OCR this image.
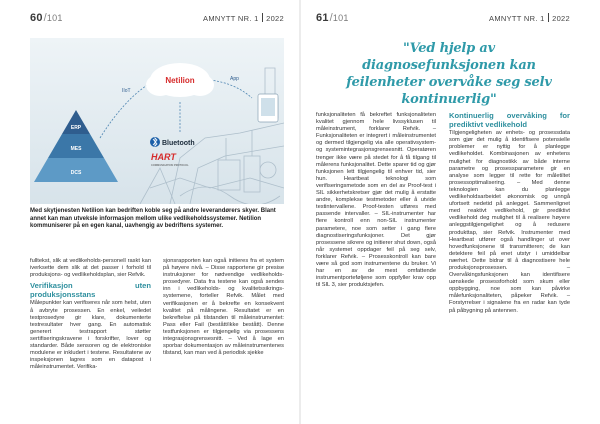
60/101	AMNYTT NR. 1 2022
ERP
MES
DCS
IIoT
App
Netilion
Bluetooth
HART
COMMUNICATION PROTOCOL
Med skytjenesten Netilion kan bedriften koble seg på andre leverandørers skyer. Blant annet kan man utveksle informasjon mellom ulike vedlikeholdssystemer. Netilion kommuniserer på en egen kanal, uavhengig av bedriftens systemer.

fulltekst, slik at vedlikeholds-personell raskt kan iverksette dem slik at det passer i forhold til produksjons- og vedlikeholdsplan, sier Refvik.

Verifikasjon uten produksjonsstans

Målepunkter kan verifiseres når som helst, uten å avbryte prosessen. En enkel, veiledet testprosedyre gir klare, dokumenterte testresultater hver gang. En automatisk generert testrapport støtter sertifiseringskravene i forskrifter, lover og standarder. Både sensoren og de elektroniske modulene er inkludert i testene. Resultatene av inspeksjonen lagres som en datapost i måleinstrumentet. Verifika-

sjonsrapporten kan også initieres fra et system på høyere nivå. – Disse rapportene gir presise instruksjoner for nødvendige vedlikeholds-prosedyrer. Data fra testene kan også sendes inn i vedlikeholds- og kvalitetssikrings-systemene, forteller Refvik. Målet med verifikasjonen er å bekrefte en konsekvent kvalitet på målingene. Resultatet er en bekreftelse på tilstanden til måleinstrumentet: Pass eller Fail (bestått/ikke bestått). Denne testfunksjonen er tilgjengelig via prosessens integrasjonsgrensesnitt. – Ved å lage en sporbar dokumentasjon av måleinstrumentenes tilstand, kan man ved å periodisk sjekke

61/101	AMNYTT NR. 1 2022
"Ved hjelp av diagnosefunksjonen kan feilenheter overvåke seg selv kontinuerlig"

funksjonaliteten få bekreftet funksjonaliteten kvalitet gjennom hele livssyklusen til måleinstrument, forklarer Refvik. – Funksjonaliteten er integrert i måleinstrumentet og dermed tilgjengelig via alle operativsystem- og systemintegrasjonsgrensesnitt. Operatøren trenger ikke være på stedet for å få tilgang til målerens funksjonalitet. Dette sparer tid og gjør funksjonen lett tilgjengelig til enhver tid, sier hun. Heartbeat teknologi som verifiseringsmetode som en del av Proof-test i SIL sikkerhetskretser gjør det mulig å erstatte andre, komplekse testmetoder eller å utvide testintervallene. Proof-testen utføres med passende intervaller. – SIL-instrumenter har flere kontroll enn non-SIL instrumenter parametere, noe som setter i gang flere diagnostiseringsfunksjoner. Det gjør prosessene sikrere og initierer shut down, også når systemet oppdager feil på seg selv, forklarer Refvik. – Prosesskontroll kan bare være så god som instrumentene du bruker. Vi har en av de mest omfattende instrumentporteføljene som oppfyller krav opp til SIL 3, sier produktsjefen.

Kontinuerlig overvåking for prediktivt vedlikehold

Tilgjengeligheten av enhets- og prosessdata som gjør det mulig å identifisere potensielle problemer er nyttig for å planlegge vedlikeholdet. Kombinasjonen av enhetens mulighet for diagnostikk av både interne parametre og prosessparametere gir en analyse som legger til rette for måletiltet prosessoptimalisering. – Med denne teknologien kan du planlegge vedlikeholdsarbeidet økonomisk og unngå ufortsett nedetid på anlegget. Sammenlignet med reaktivt vedlikehold, gir prediktivt vedlikehold deg mulighet til å realisere høyere anleggstilgjengelighet og å redusere produkttap, sier Refvik. Instrumenter med Heartbeat utfører også handlinger ut over hovedfunksjonene til transmitteren; de kan detektere feil på enet utstyr i umiddelbar nærhet. Dette bidrar til å diagnostisere hele produksjonsprosessen. – Overvåkingsfunksjonen kan identifisere uønskede prosessforhold som skum eller oppbygging, noe som kan påvirke målefunksjonaliteten, påpeker Refvik. – Forstyrrelser i signalene fra en radar kan tyde på påbygning på antennen.
